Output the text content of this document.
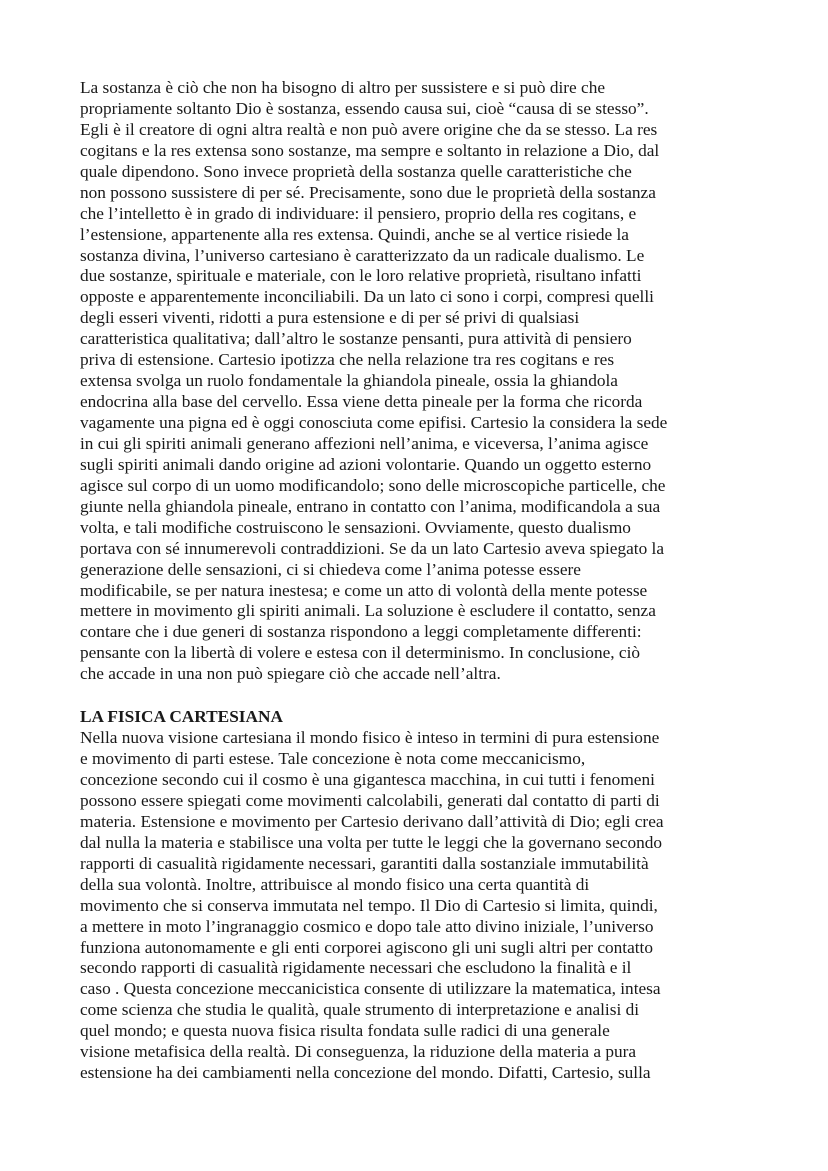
La sostanza è ciò che non ha bisogno di altro per sussistere e si può dire che
propriamente soltanto Dio è sostanza, essendo causa sui, cioè “causa di se stesso”.
Egli è il creatore di ogni altra realtà e non può avere origine che da se stesso. La res
cogitans e la res extensa sono sostanze, ma sempre e soltanto in relazione a Dio, dal
quale dipendono. Sono invece proprietà della sostanza quelle caratteristiche che
non possono sussistere di per sé. Precisamente, sono due le proprietà della sostanza
che l’intelletto è in grado di individuare: il pensiero, proprio della res cogitans, e
l’estensione, appartenente alla res extensa. Quindi, anche se al vertice risiede la
sostanza divina, l’universo cartesiano è caratterizzato da un radicale dualismo. Le
due sostanze, spirituale e materiale, con le loro relative proprietà, risultano infatti
opposte e apparentemente inconciliabili. Da un lato ci sono i corpi, compresi quelli
degli esseri viventi, ridotti a pura estensione e di per sé privi di qualsiasi
caratteristica qualitativa; dall’altro le sostanze pensanti, pura attività di pensiero
priva di estensione. Cartesio ipotizza che nella relazione tra res cogitans e res
extensa svolga un ruolo fondamentale la ghiandola pineale, ossia la ghiandola
endocrina alla base del cervello. Essa viene detta pineale per la forma che ricorda
vagamente una pigna ed è oggi conosciuta come epifisi. Cartesio la considera la sede
in cui gli spiriti animali generano affezioni nell’anima, e viceversa, l’anima agisce
sugli spiriti animali dando origine ad azioni volontarie. Quando un oggetto esterno
agisce sul corpo di un uomo modificandolo; sono delle microscopiche particelle, che
giunte nella ghiandola pineale, entrano in contatto con l’anima, modificandola a sua
volta, e tali modifiche costruiscono le sensazioni. Ovviamente, questo dualismo
portava con sé innumerevoli contraddizioni. Se da un lato Cartesio aveva spiegato la
generazione delle sensazioni, ci si chiedeva come l’anima potesse essere
modificabile, se per natura inestesa; e come un atto di volontà della mente potesse
mettere in movimento gli spiriti animali. La soluzione è escludere il contatto, senza
contare che i due generi di sostanza rispondono a leggi completamente differenti:
pensante con la libertà di volere e estesa con il determinismo. In conclusione, ciò
che accade in una non può spiegare ciò che accade nell’altra.
LA FISICA CARTESIANA
Nella nuova visione cartesiana il mondo fisico è inteso in termini di pura estensione
e movimento di parti estese. Tale concezione è nota come meccanicismo,
concezione secondo cui il cosmo è una gigantesca macchina, in cui tutti i fenomeni
possono essere spiegati come movimenti calcolabili, generati dal contatto di parti di
materia. Estensione e movimento per Cartesio derivano dall’attività di Dio; egli crea
dal nulla la materia e stabilisce una volta per tutte le leggi che la governano secondo
rapporti di casualità rigidamente necessari, garantiti dalla sostanziale immutabilità
della sua volontà. Inoltre, attribuisce al mondo fisico una certa quantità di
movimento che si conserva immutata nel tempo. Il Dio di Cartesio si limita, quindi,
a mettere in moto l’ingranaggio cosmico e dopo tale atto divino iniziale, l’universo
funziona autonomamente e gli enti corporei agiscono gli uni sugli altri per contatto
secondo rapporti di casualità rigidamente necessari che escludono la finalità e il
caso . Questa concezione meccanicistica consente di utilizzare la matematica, intesa
come scienza che studia le qualità, quale strumento di interpretazione e analisi di
quel mondo; e questa nuova fisica risulta fondata sulle radici di una generale
visione metafisica della realtà. Di conseguenza, la riduzione della materia a pura
estensione ha dei cambiamenti nella concezione del mondo. Difatti, Cartesio, sulla
